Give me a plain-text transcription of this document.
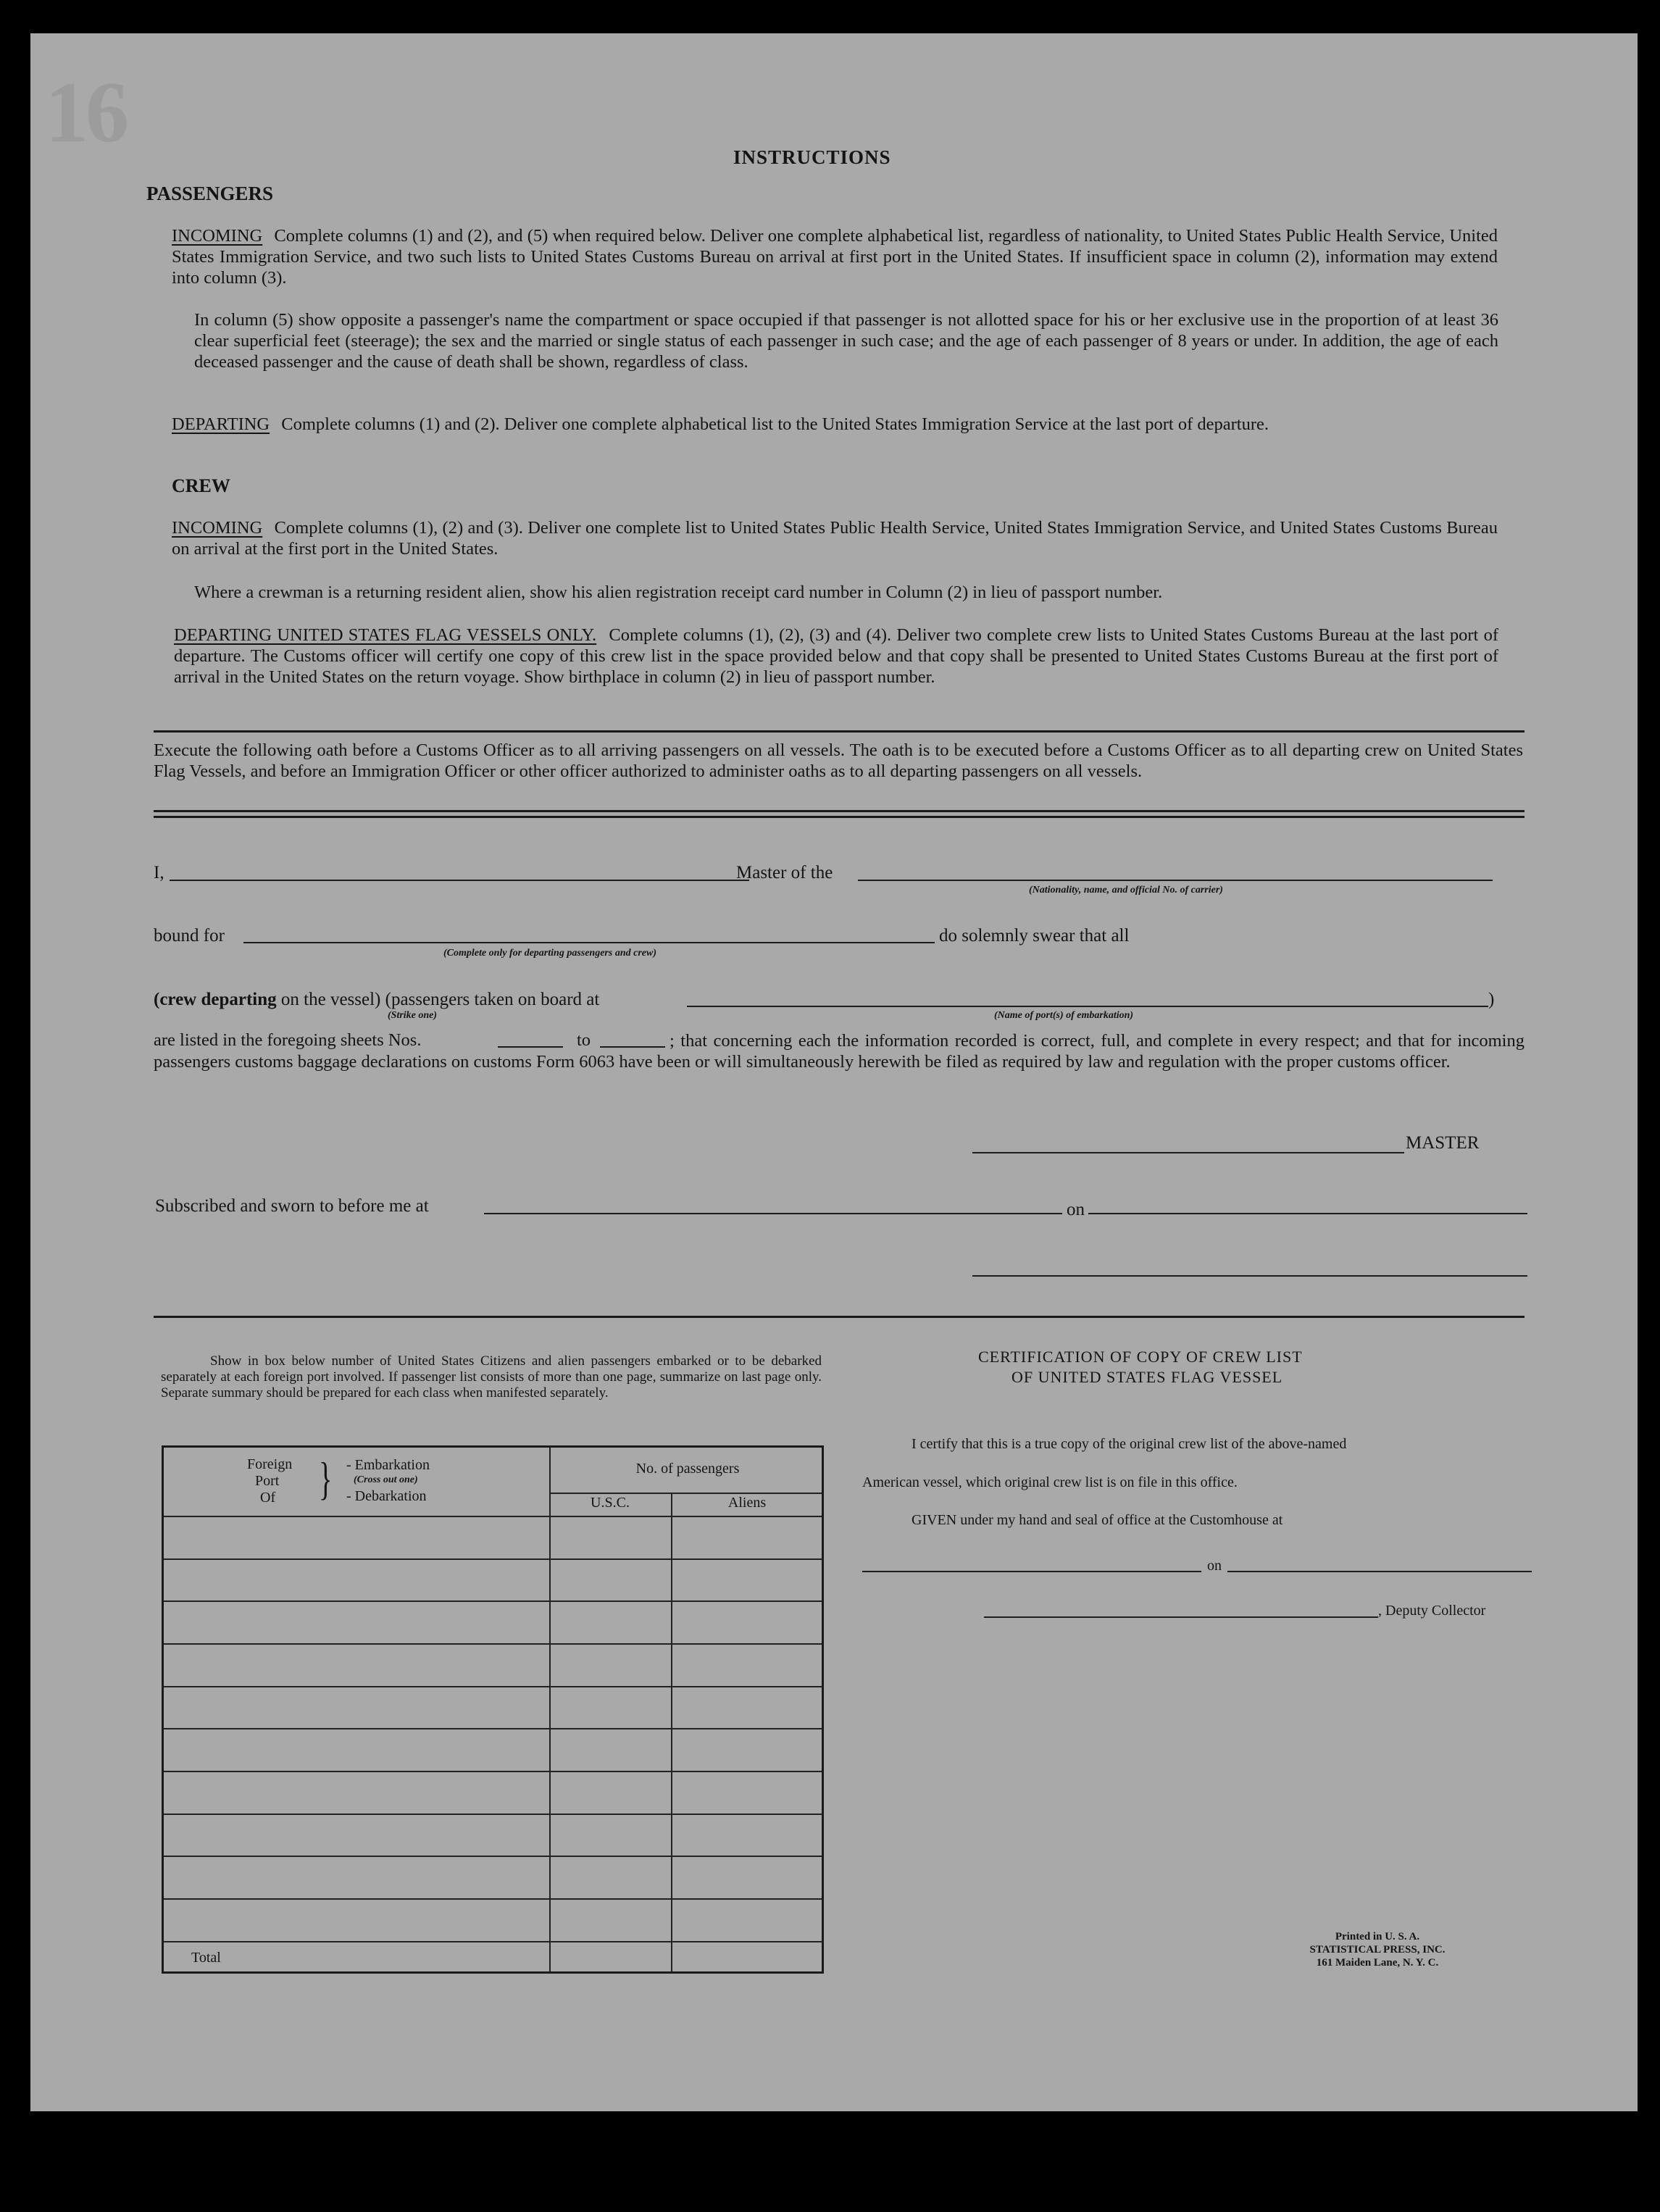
16	INSTRUCTIONS
PASSENGERS
INCOMING Complete columns (1) and (2), and (5) when required below. Deliver one complete alphabetical list, regardless of nationality, to United States Public Health Service, United States Immigration Service, and two such lists to United States Customs Bureau on arrival at first port in the United States. If insufficient space in column (2), information may extend into column (3).
In column (5) show opposite a passenger's name the compartment or space occupied if that passenger is not allotted space for his or her exclusive use in the proportion of at least 36 clear superficial feet (steerage); the sex and the married or single status of each passenger in such case; and the age of each passenger of 8 years or under. In addition, the age of each deceased passenger and the cause of death shall be shown, regardless of class.
DEPARTING Complete columns (1) and (2). Deliver one complete alphabetical list to the United States Immigration Service at the last port of departure.
CREW
INCOMING Complete columns (1), (2) and (3). Deliver one complete list to United States Public Health Service, United States Immigration Service, and United States Customs Bureau on arrival at the first port in the United States.
Where a crewman is a returning resident alien, show his alien registration receipt card number in Column (2) in lieu of passport number.
DEPARTING UNITED STATES FLAG VESSELS ONLY. Complete columns (1), (2), (3) and (4). Deliver two complete crew lists to United States Customs Bureau at the last port of departure. The Customs officer will certify one copy of this crew list in the space provided below and that copy shall be presented to United States Customs Bureau at the first port of arrival in the United States on the return voyage. Show birthplace in column (2) in lieu of passport number.
Execute the following oath before a Customs Officer as to all arriving passengers on all vessels. The oath is to be executed before a Customs Officer as to all departing crew on United States Flag Vessels, and before an Immigration Officer or other officer authorized to administer oaths as to all departing passengers on all vessels.
I,	Master of the
(Nationality, name, and official No. of carrier)
bound for
(Complete only for departing passengers and crew)
do solemnly swear that all
(crew departing on the vessel) (passengers taken on board at
(Strike one)
)
(Name of port(s) of embarkation)
are listed in the foregoing sheets Nos.	to	; that concerning each the information recorded is correct, full, and complete in every respect; and that for incoming passengers customs baggage declarations on customs Form 6063 have been or will simultaneously herewith be filed as required by law and regulation with the proper customs officer.
MASTER
Subscribed and sworn to before me at	on
Show in box below number of United States Citizens and alien passengers embarked or to be debarked separately at each foreign port involved. If passenger list consists of more than one page, summarize on last page only. Separate summary should be prepared for each class when manifested separately.
Foreign
Port
Of } - Embarkation
(Cross out one)
- Debarkation
No. of passengers
U.S.C.	Aliens
Total
CERTIFICATION OF COPY OF CREW LIST
OF UNITED STATES FLAG VESSEL
I certify that this is a true copy of the original crew list of the above-named
American vessel, which original crew list is on file in this office.
GIVEN under my hand and seal of office at the Customhouse at
on
, Deputy Collector
Printed in U. S. A.
STATISTICAL PRESS, INC.
161 Maiden Lane, N. Y. C.
